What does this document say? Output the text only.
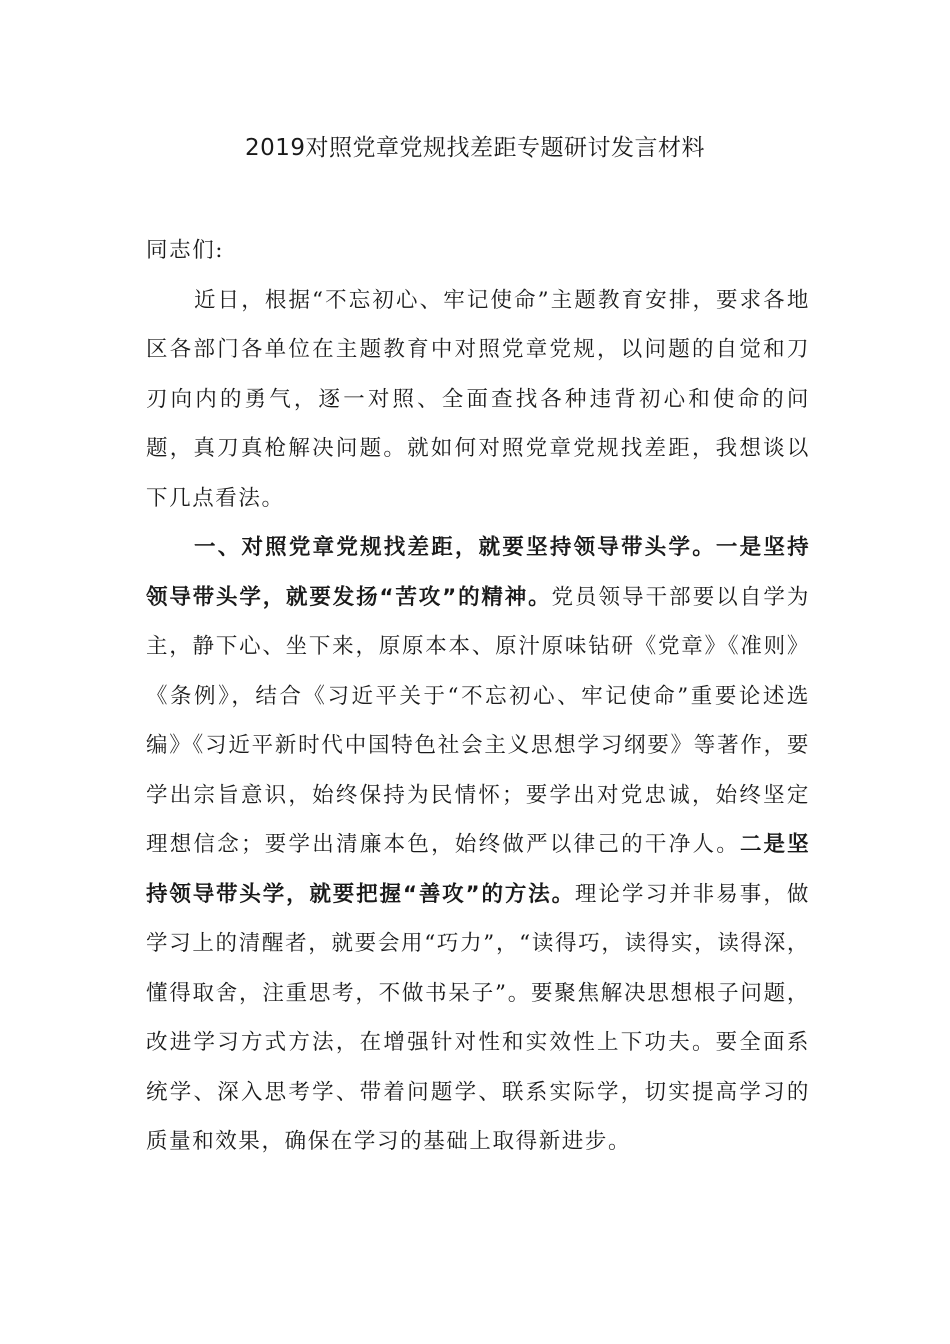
2019对照党章党规找差距专题研讨发言材料

同志们:

近日，根据“不忘初心、牢记使命”主题教育安排，要求各地区各部门各单位在主题教育中对照党章党规，以问题的自觉和刀刃向内的勇气，逐一对照、全面查找各种违背初心和使命的问题，真刀真枪解决问题。就如何对照党章党规找差距，我想谈以下几点看法。

一、对照党章党规找差距，就要坚持领导带头学。一是坚持领导带头学，就要发扬“苦攻”的精神。党员领导干部要以自学为主，静下心、坐下来，原原本本、原汁原味钻研《党章》《准则》《条例》，结合《习近平关于“不忘初心、牢记使命”重要论述选编》《习近平新时代中国特色社会主义思想学习纲要》等著作，要学出宗旨意识，始终保持为民情怀；要学出对党忠诚，始终坚定理想信念；要学出清廉本色，始终做严以律己的干净人。二是坚持领导带头学，就要把握“善攻”的方法。理论学习并非易事，做学习上的清醒者，就要会用“巧力”，“读得巧，读得实，读得深，懂得取舍，注重思考，不做书呆子”。要聚焦解决思想根子问题，改进学习方式方法，在增强针对性和实效性上下功夫。要全面系统学、深入思考学、带着问题学、联系实际学，切实提高学习的质量和效果，确保在学习的基础上取得新进步。
